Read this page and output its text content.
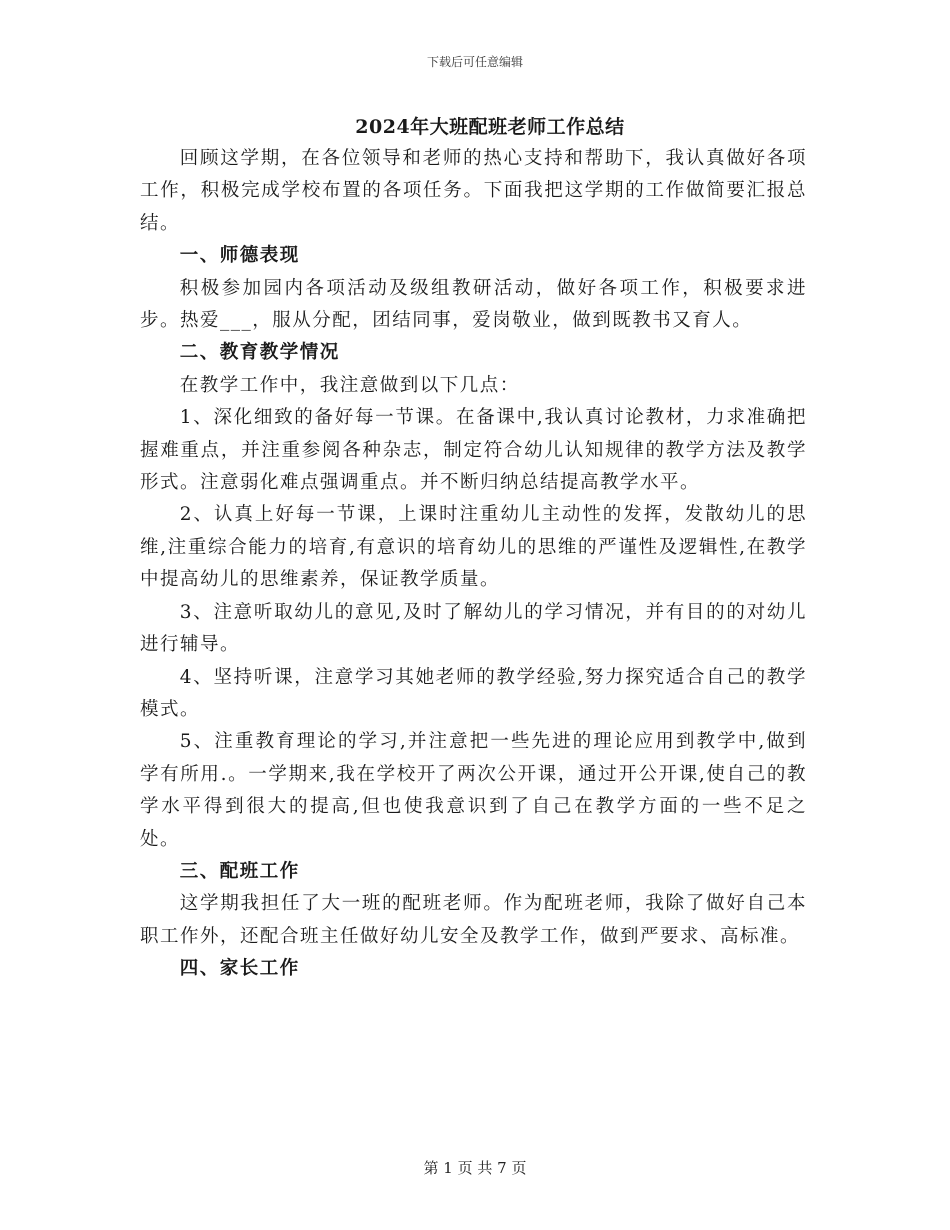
下载后可任意编辑
2024年大班配班老师工作总结

回顾这学期，在各位领导和老师的热心支持和帮助下，我认真做好各项工作，积极完成学校布置的各项任务。下面我把这学期的工作做简要汇报总结。

一、师德表现

积极参加园内各项活动及级组教研活动，做好各项工作，积极要求进步。热爱___，服从分配，团结同事，爱岗敬业，做到既教书又育人。

二、教育教学情况

在教学工作中，我注意做到以下几点：

1、深化细致的备好每一节课。在备课中,我认真讨论教材，力求准确把握难重点，并注重参阅各种杂志，制定符合幼儿认知规律的教学方法及教学形式。注意弱化难点强调重点。并不断归纳总结提高教学水平。

2、认真上好每一节课，上课时注重幼儿主动性的发挥，发散幼儿的思维,注重综合能力的培育,有意识的培育幼儿的思维的严谨性及逻辑性,在教学中提高幼儿的思维素养，保证教学质量。

3、注意听取幼儿的意见,及时了解幼儿的学习情况，并有目的的对幼儿进行辅导。

4、坚持听课，注意学习其她老师的教学经验,努力探究适合自己的教学模式。

5、注重教育理论的学习,并注意把一些先进的理论应用到教学中,做到学有所用.。一学期来,我在学校开了两次公开课，通过开公开课,使自己的教学水平得到很大的提高,但也使我意识到了自己在教学方面的一些不足之处。

三、配班工作

这学期我担任了大一班的配班老师。作为配班老师，我除了做好自己本职工作外，还配合班主任做好幼儿安全及教学工作，做到严要求、高标准。

四、家长工作
第 1 页 共 7 页
